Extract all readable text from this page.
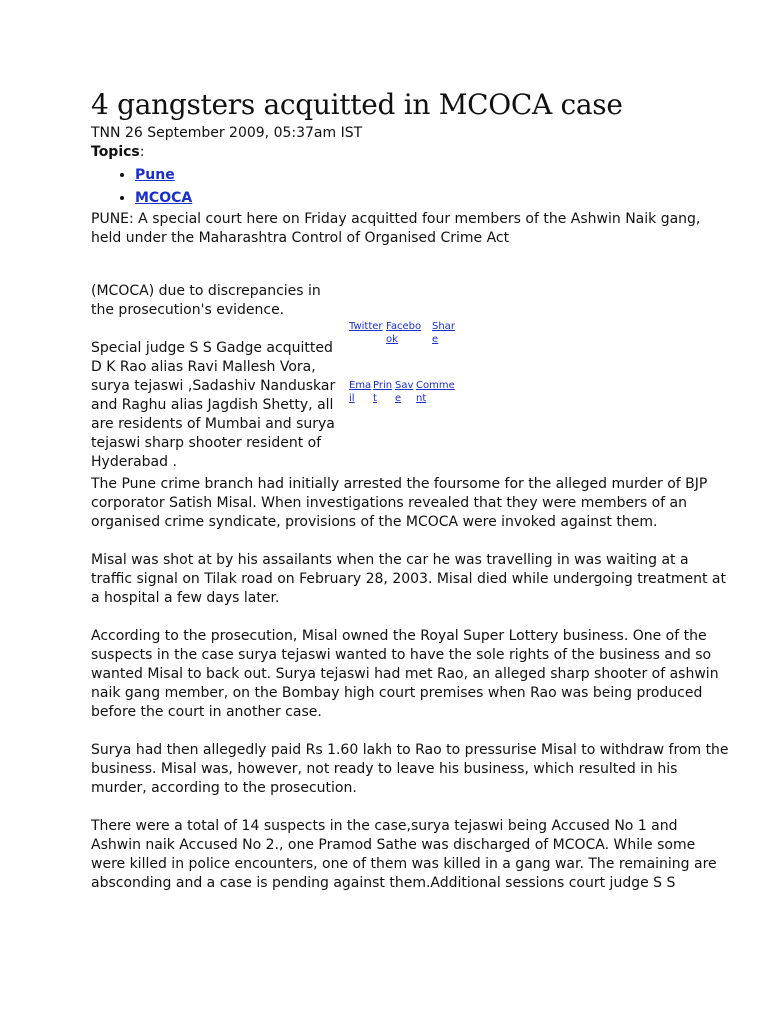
4 gangsters acquitted in MCOCA case

TNN 26 September 2009, 05:37am IST

Topics:
• Pune
• MCOCA

PUNE: A special court here on Friday acquitted four members of the Ashwin Naik gang, held under the Maharashtra Control of Organised Crime Act

(MCOCA) due to discrepancies in the prosecution's evidence.

Special judge S S Gadge acquitted D K Rao alias Ravi Mallesh Vora, surya tejaswi ,Sadashiv Nanduskar and Raghu alias Jagdish Shetty, all are residents of Mumbai and surya tejaswi sharp shooter resident of Hyderabad .

Twitter Facebook
Share
Email
Print
Save
Comment

The Pune crime branch had initially arrested the foursome for the alleged murder of BJP corporator Satish Misal. When investigations revealed that they were members of an organised crime syndicate, provisions of the MCOCA were invoked against them.

Misal was shot at by his assailants when the car he was travelling in was waiting at a traffic signal on Tilak road on February 28, 2003. Misal died while undergoing treatment at a hospital a few days later.

According to the prosecution, Misal owned the Royal Super Lottery business. One of the suspects in the case surya tejaswi wanted to have the sole rights of the business and so wanted Misal to back out. Surya tejaswi had met Rao, an alleged sharp shooter of ashwin naik gang member, on the Bombay high court premises when Rao was being produced before the court in another case.

Surya had then allegedly paid Rs 1.60 lakh to Rao to pressurise Misal to withdraw from the business. Misal was, however, not ready to leave his business, which resulted in his murder, according to the prosecution.

There were a total of 14 suspects in the case,surya tejaswi being Accused No 1 and Ashwin naik Accused No 2., one Pramod Sathe was discharged of MCOCA. While some were killed in police encounters, one of them was killed in a gang war. The remaining are absconding and a case is pending against them.Additional sessions court judge S S
